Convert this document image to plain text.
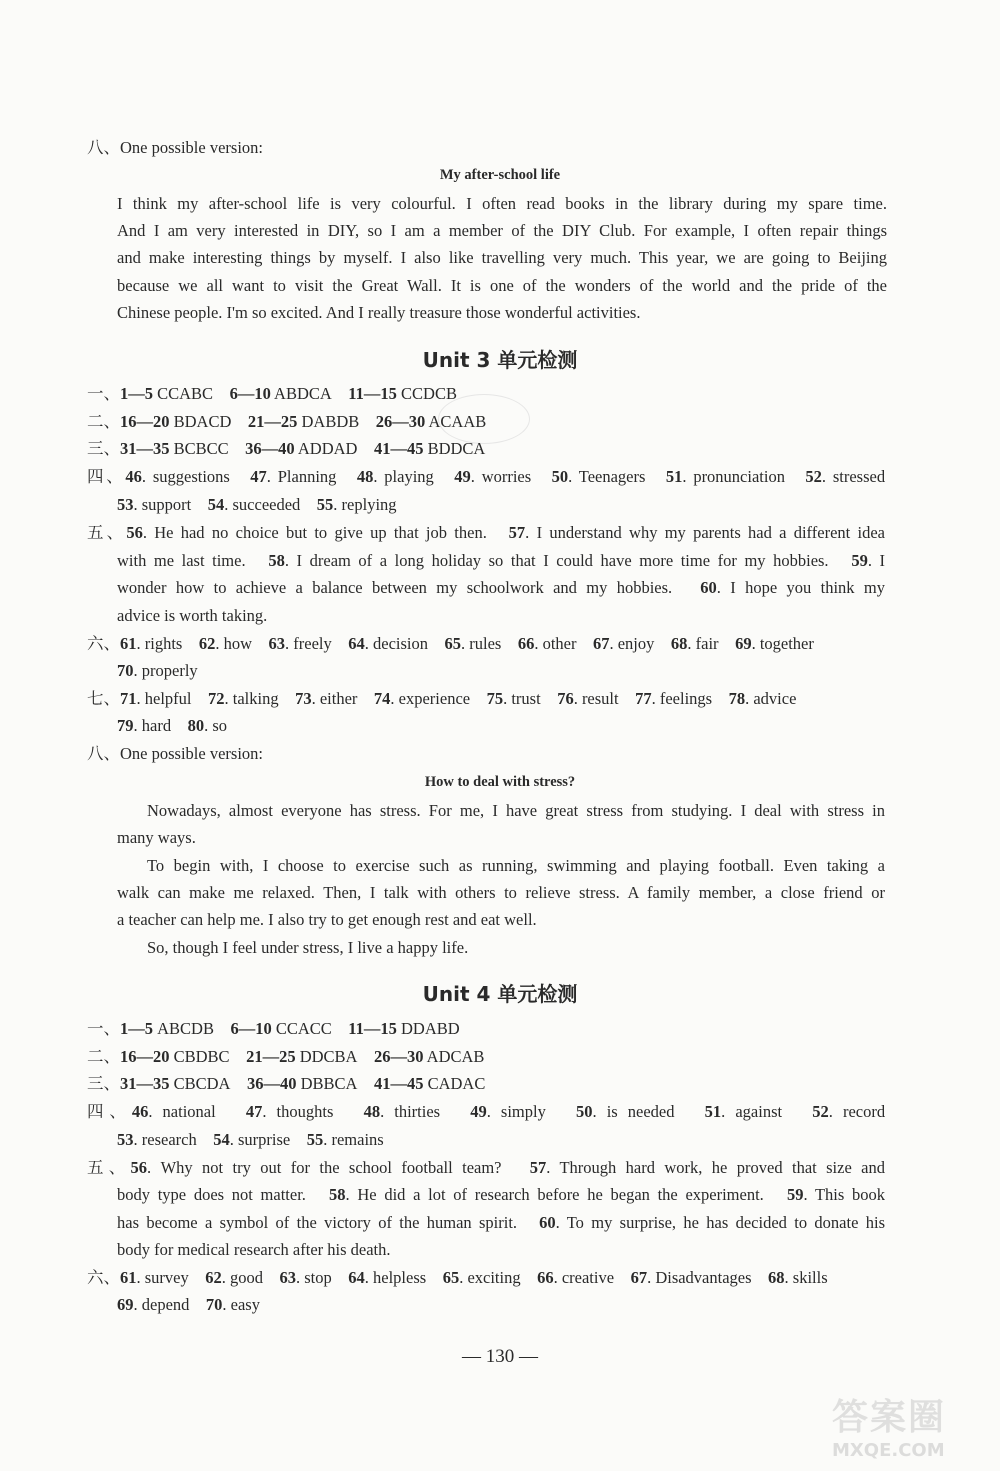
八、One possible version:
My after-school life
I think my after-school life is very colourful. I often read books in the library during my spare time.
And I am very interested in DIY, so I am a member of the DIY Club. For example, I often repair things
and make interesting things by myself. I also like travelling very much. This year, we are going to Beijing
because we all want to visit the Great Wall. It is one of the wonders of the world and the pride of the
Chinese people. I'm so excited. And I really treasure those wonderful activities.
Unit 3 单元检测
一、1—5 CCABC 6—10 ABDCA 11—15 CCDCB
二、16—20 BDACD 21—25 DABDB 26—30 ACAAB
三、31—35 BCBCC 36—40 ADDAD 41—45 BDDCA
四、46. suggestions 47. Planning 48. playing 49. worries 50. Teenagers 51. pronunciation 52. stressed
53. support 54. succeeded 55. replying
五、56. He had no choice but to give up that job then. 57. I understand why my parents had a different idea
with me last time. 58. I dream of a long holiday so that I could have more time for my hobbies. 59. I
wonder how to achieve a balance between my schoolwork and my hobbies. 60. I hope you think my
advice is worth taking.
六、61. rights 62. how 63. freely 64. decision 65. rules 66. other 67. enjoy 68. fair 69. together
70. properly
七、71. helpful 72. talking 73. either 74. experience 75. trust 76. result 77. feelings 78. advice
79. hard 80. so
八、One possible version:
How to deal with stress?
Nowadays, almost everyone has stress. For me, I have great stress from studying. I deal with stress in
many ways.
To begin with, I choose to exercise such as running, swimming and playing football. Even taking a
walk can make me relaxed. Then, I talk with others to relieve stress. A family member, a close friend or
a teacher can help me. I also try to get enough rest and eat well.
So, though I feel under stress, I live a happy life.
Unit 4 单元检测
一、1—5 ABCDB 6—10 CCACC 11—15 DDABD
二、16—20 CBDBC 21—25 DDCBA 26—30 ADCAB
三、31—35 CBCDA 36—40 DBBCA 41—45 CADAC
四、46. national 47. thoughts 48. thirties 49. simply 50. is needed 51. against 52. record
53. research 54. surprise 55. remains
五、56. Why not try out for the school football team? 57. Through hard work, he proved that size and
body type does not matter. 58. He did a lot of research before he began the experiment. 59. This book
has become a symbol of the victory of the human spirit. 60. To my surprise, he has decided to donate his
body for medical research after his death.
六、61. survey 62. good 63. stop 64. helpless 65. exciting 66. creative 67. Disadvantages 68. skills
69. depend 70. easy
— 130 —
答案圈
MXQE.COM
